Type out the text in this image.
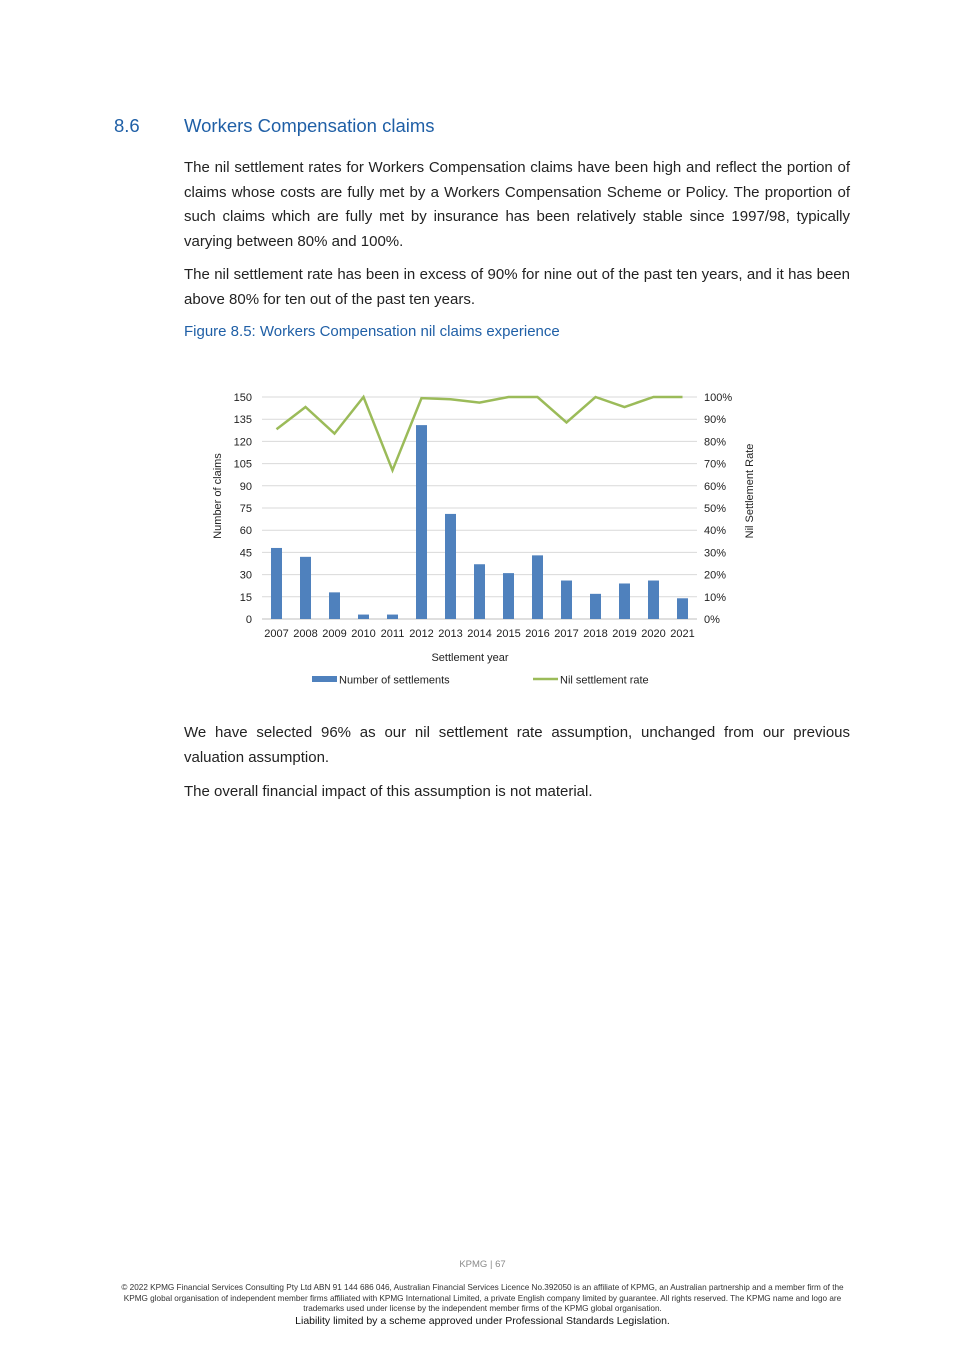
8.6 Workers Compensation claims

The nil settlement rates for Workers Compensation claims have been high and reflect the portion of claims whose costs are fully met by a Workers Compensation Scheme or Policy. The proportion of such claims which are fully met by insurance has been relatively stable since 1997/98, typically varying between 80% and 100%.

The nil settlement rate has been in excess of 90% for nine out of the past ten years, and it has been above 80% for ten out of the past ten years.

Figure 8.5: Workers Compensation nil claims experience
0
15
30
45
60
75
90
105
120
135
150
0%
10%
20%
30%
40%
50%
60%
70%
80%
90%
100%
2007 2008 2009 2010 2011 2012 2013 2014 2015 2016 2017 2018 2019 2020 2021
Number of claims	Nil Settlement Rate
Settlement year
Number of settlements	Nil settlement rate

We have selected 96% as our nil settlement rate assumption, unchanged from our previous valuation assumption.

The overall financial impact of this assumption is not material.

KPMG | 67
© 2022 KPMG Financial Services Consulting Pty Ltd ABN 91 144 686 046, Australian Financial Services Licence No.392050 is an affiliate of KPMG, an Australian partnership and a member firm of the KPMG global organisation of independent member firms affiliated with KPMG International Limited, a private English company limited by guarantee. All rights reserved. The KPMG name and logo are trademarks used under license by the independent member firms of the KPMG global organisation.
Liability limited by a scheme approved under Professional Standards Legislation.
